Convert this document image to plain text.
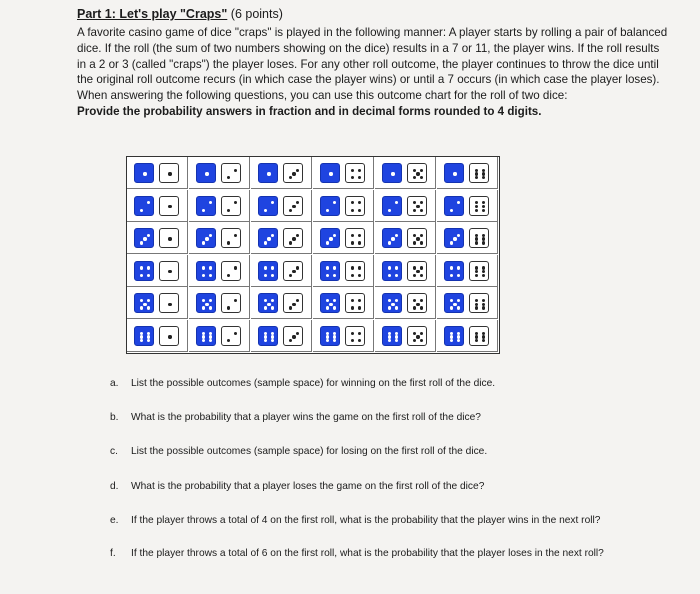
Part 1: Let's play "Craps" (6 points)

A favorite casino game of dice "craps" is played in the following manner: A player starts by rolling a pair of balanced

dice. If the roll (the sum of two numbers showing on the dice) results in a 7 or 11, the player wins. If the roll results

in a 2 or 3 (called "craps") the player loses. For any other roll outcome, the player continues to throw the dice until

the original roll outcome recurs (in which case the player wins) or until a 7 occurs (in which case the player loses).

When answering the following questions, you can use this outcome chart for the roll of two dice:

Provide the probability answers in fraction and in decimal forms rounded to 4 digits.

a. List the possible outcomes (sample space) for winning on the first roll of the dice.
b. What is the probability that a player wins the game on the first roll of the dice?
c. List the possible outcomes (sample space) for losing on the first roll of the dice.
d. What is the probability that a player loses the game on the first roll of the dice?
e. If the player throws a total of 4 on the first roll, what is the probability that the player wins in the next roll?
f. If the player throws a total of 6 on the first roll, what is the probability that the player loses in the next roll?
